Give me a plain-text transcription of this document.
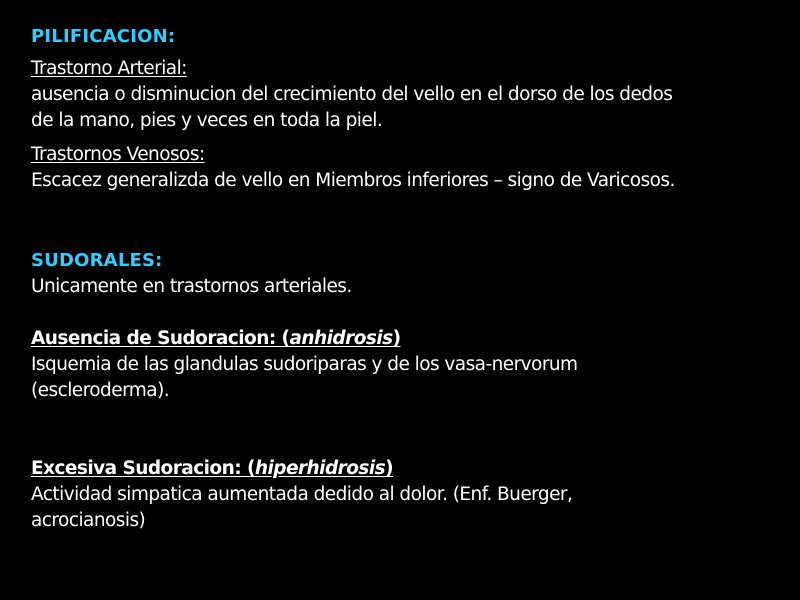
PILIFICACION:
Trastorno Arterial:
ausencia o disminucion del crecimiento del vello en el dorso de los dedos
de la mano, pies y veces en toda la piel.
Trastornos Venosos:
Escacez generalizda de vello en Miembros inferiores – signo de Varicosos.
SUDORALES:
Unicamente en trastornos arteriales.
Ausencia de Sudoracion: (anhidrosis)
Isquemia de las glandulas sudoriparas y de los vasa-nervorum
(escleroderma).
Excesiva Sudoracion: (hiperhidrosis)
Actividad simpatica aumentada dedido al dolor. (Enf. Buerger,
acrocianosis)
